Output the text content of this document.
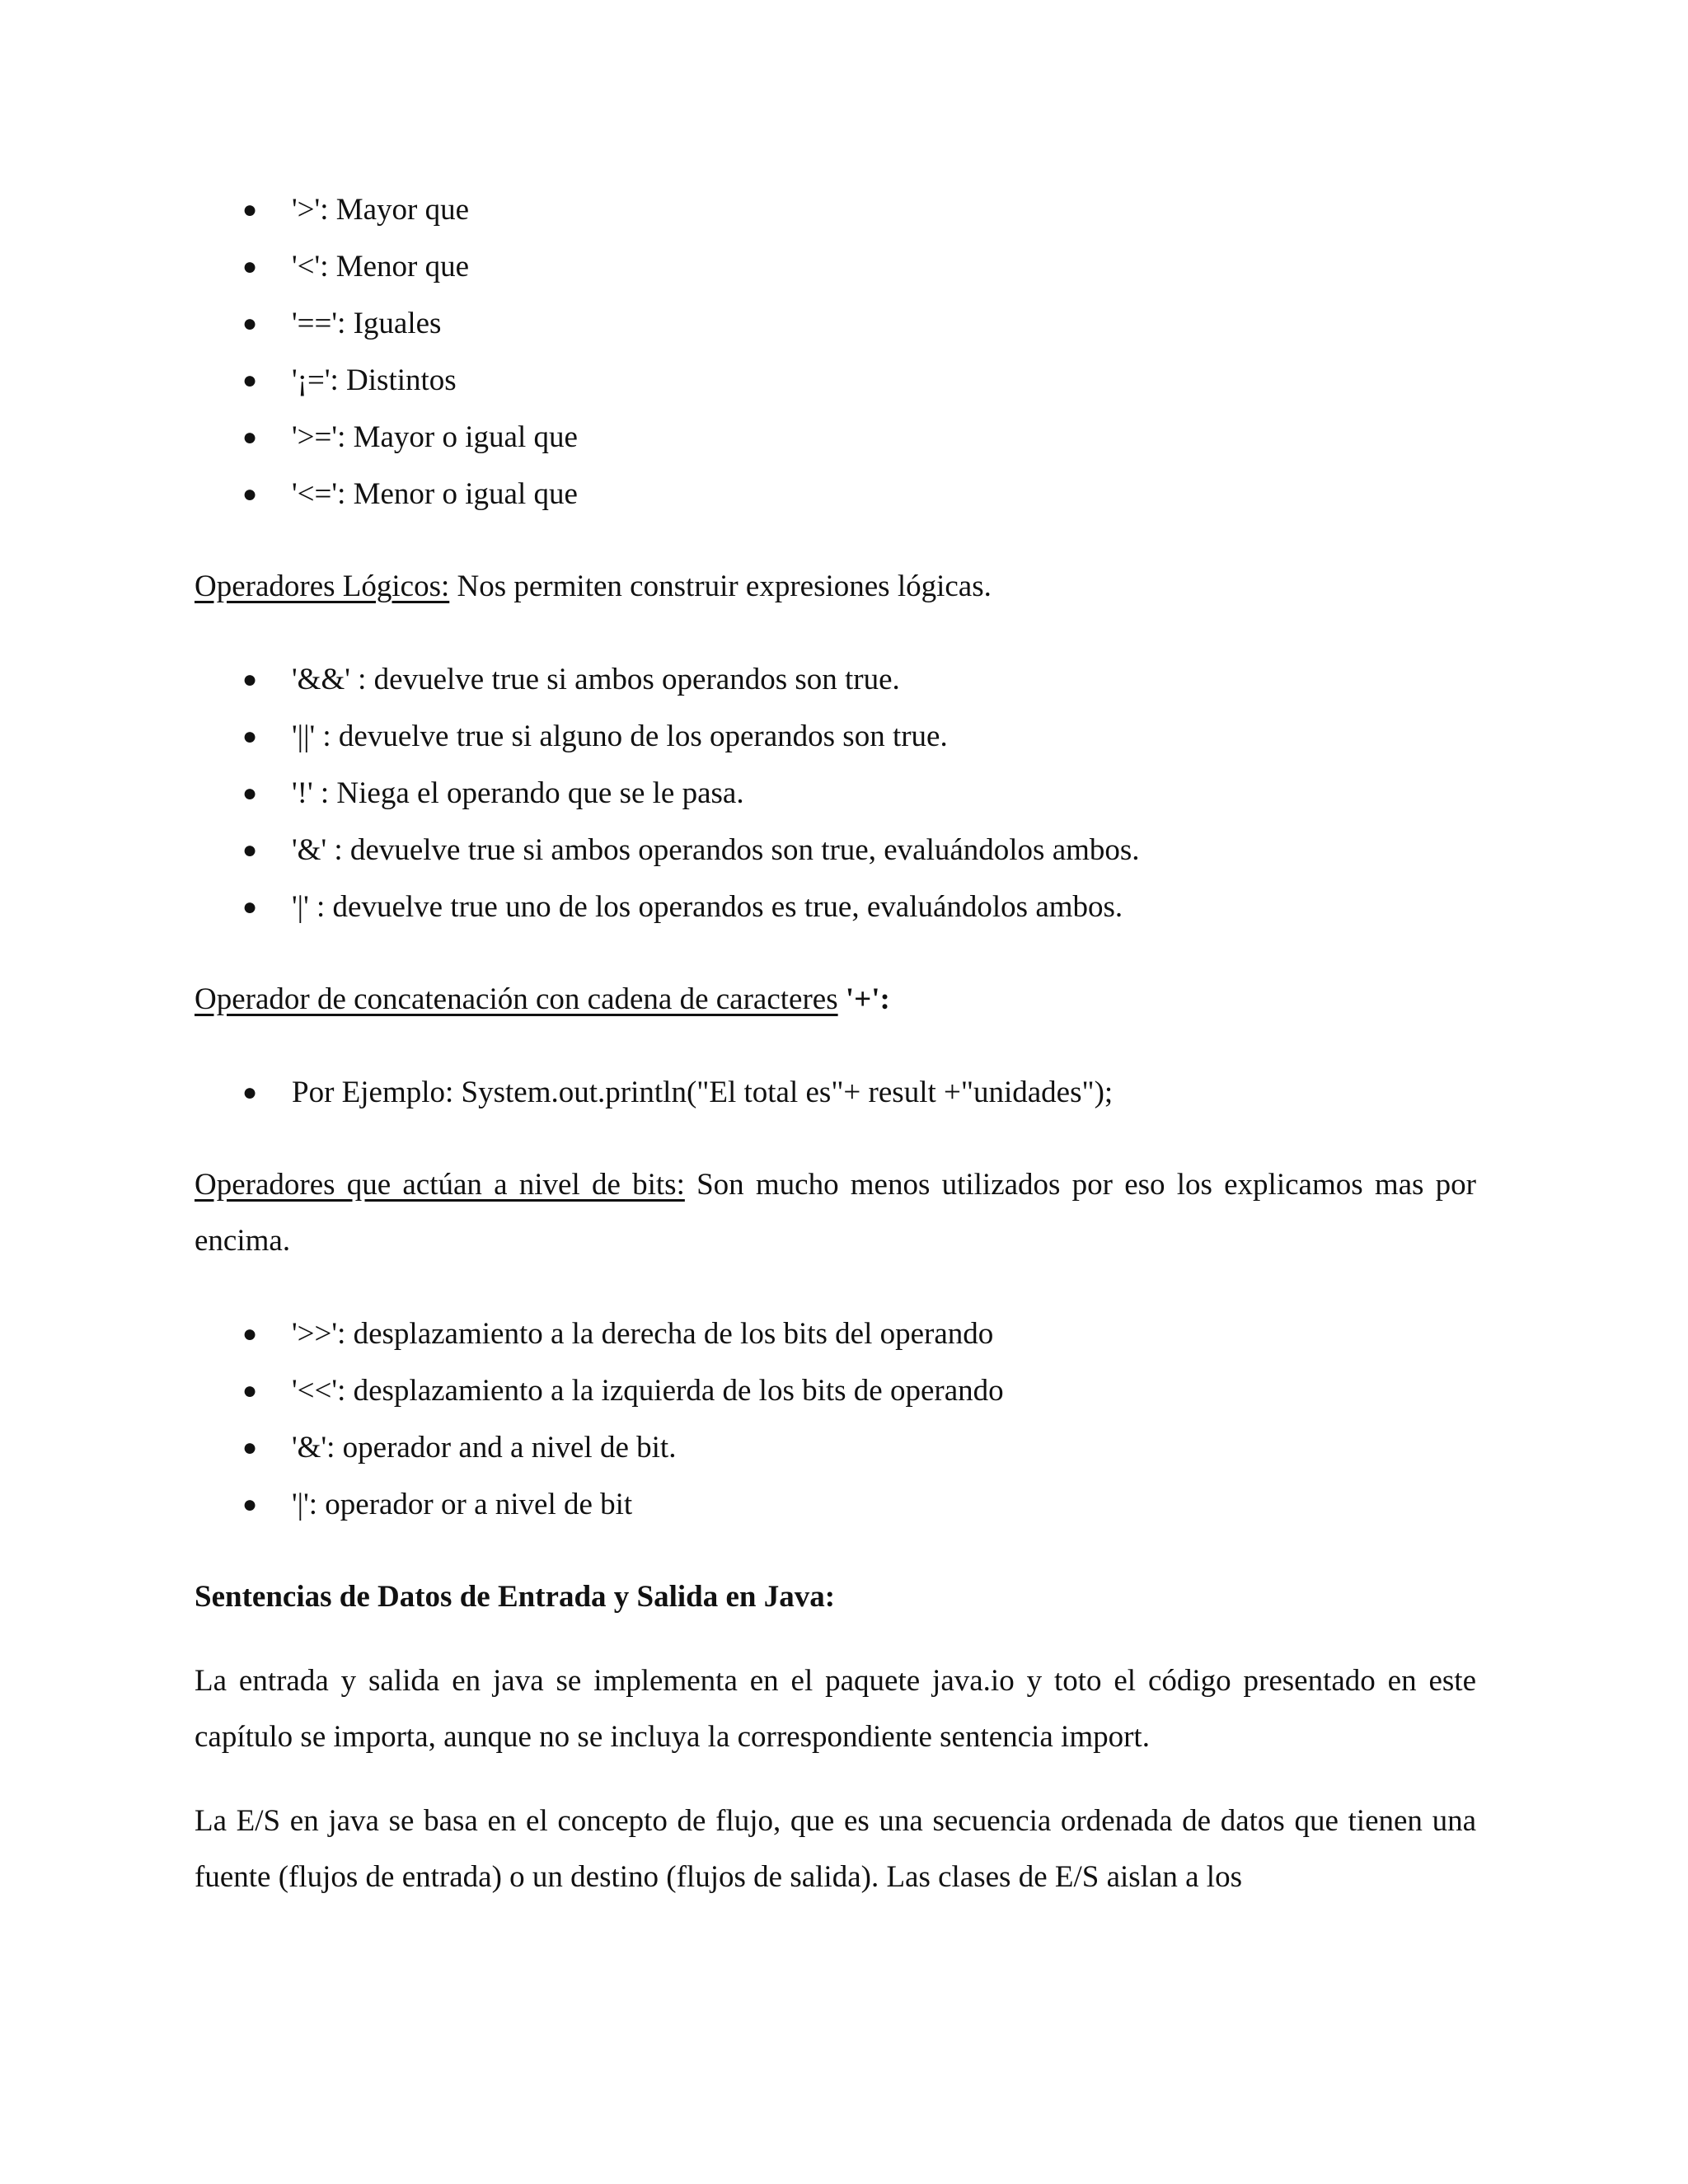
● '>': Mayor que
● '<': Menor que
● '==': Iguales
● '¡=': Distintos
● '>=': Mayor o igual que
● '<=': Menor o igual que

Operadores Lógicos: Nos permiten construir expresiones lógicas.

● '&&' : devuelve true si ambos operandos son true.
● '||' : devuelve true si alguno de los operandos son true.
● '!' : Niega el operando que se le pasa.
● '&' : devuelve true si ambos operandos son true, evaluándolos ambos.
● '|' : devuelve true uno de los operandos es true, evaluándolos ambos.

Operador de concatenación con cadena de caracteres '+':

● Por Ejemplo: System.out.println("El total es"+ result +"unidades");

Operadores que actúan a nivel de bits: Son mucho menos utilizados por eso los explicamos mas por encima.

● '>>': desplazamiento a la derecha de los bits del operando
● '<<': desplazamiento a la izquierda de los bits de operando
● '&': operador and a nivel de bit.
● '|': operador or a nivel de bit

Sentencias de Datos de Entrada y Salida en Java:

La entrada y salida en java se implementa en el paquete java.io y toto el código presentado en este capítulo se importa, aunque no se incluya la correspondiente sentencia import.

La E/S en java se basa en el concepto de flujo, que es una secuencia ordenada de datos que tienen una fuente (flujos de entrada) o un destino (flujos de salida). Las clases de E/S aislan a los
